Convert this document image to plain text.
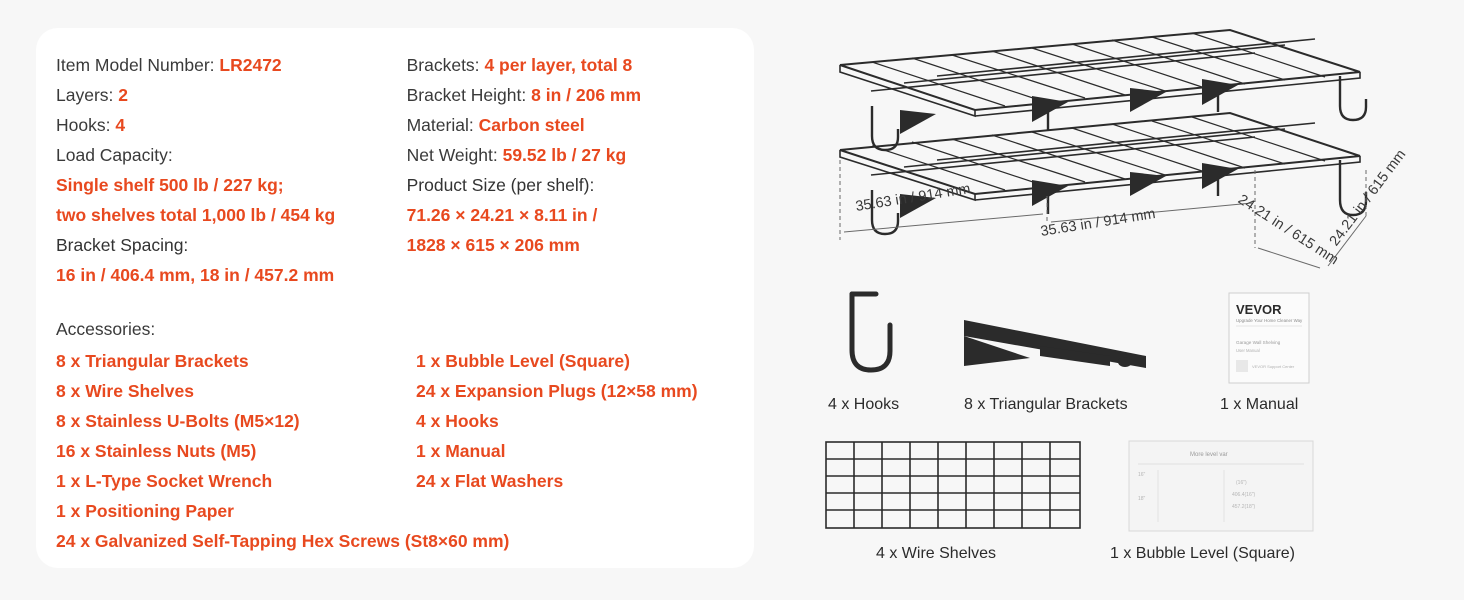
Item Model Number: LR2472
Layers: 2
Hooks: 4
Load Capacity:
Single shelf 500 lb / 227 kg;
two shelves total 1,000 lb / 454 kg
Bracket Spacing:
16 in / 406.4 mm, 18 in / 457.2 mm
Brackets: 4 per layer, total 8
Bracket Height: 8 in / 206 mm
Material: Carbon steel
Net Weight: 59.52 lb / 27 kg
Product Size (per shelf):
71.26 × 24.21 × 8.11 in /
1828 × 615 × 206 mm
Accessories:
8 x Triangular Brackets
8 x Wire Shelves
8 x Stainless U-Bolts (M5×12)
16 x Stainless Nuts (M5)
1 x L-Type Socket Wrench
1 x Positioning Paper
24 x Galvanized Self-Tapping Hex Screws (St8×60 mm)
1 x Bubble Level (Square)
24 x Expansion Plugs (12×58 mm)
4 x Hooks
1 x Manual
24 x Flat Washers
35.63 in / 914 mm
35.63 in / 914 mm	24.21 in / 615 mm
24.21 in / 615 mm
VEVOR
Upgrade Your Home Cleaner Way
Garage Wall Shelving
User Manual
VEVOR Support Center
4 x Hooks	8 x Triangular Brackets	1 x Manual
More level var
16"
18"
(16")
406.4(16")
457.2(18")
4 x Wire Shelves	1 x Bubble Level (Square)
